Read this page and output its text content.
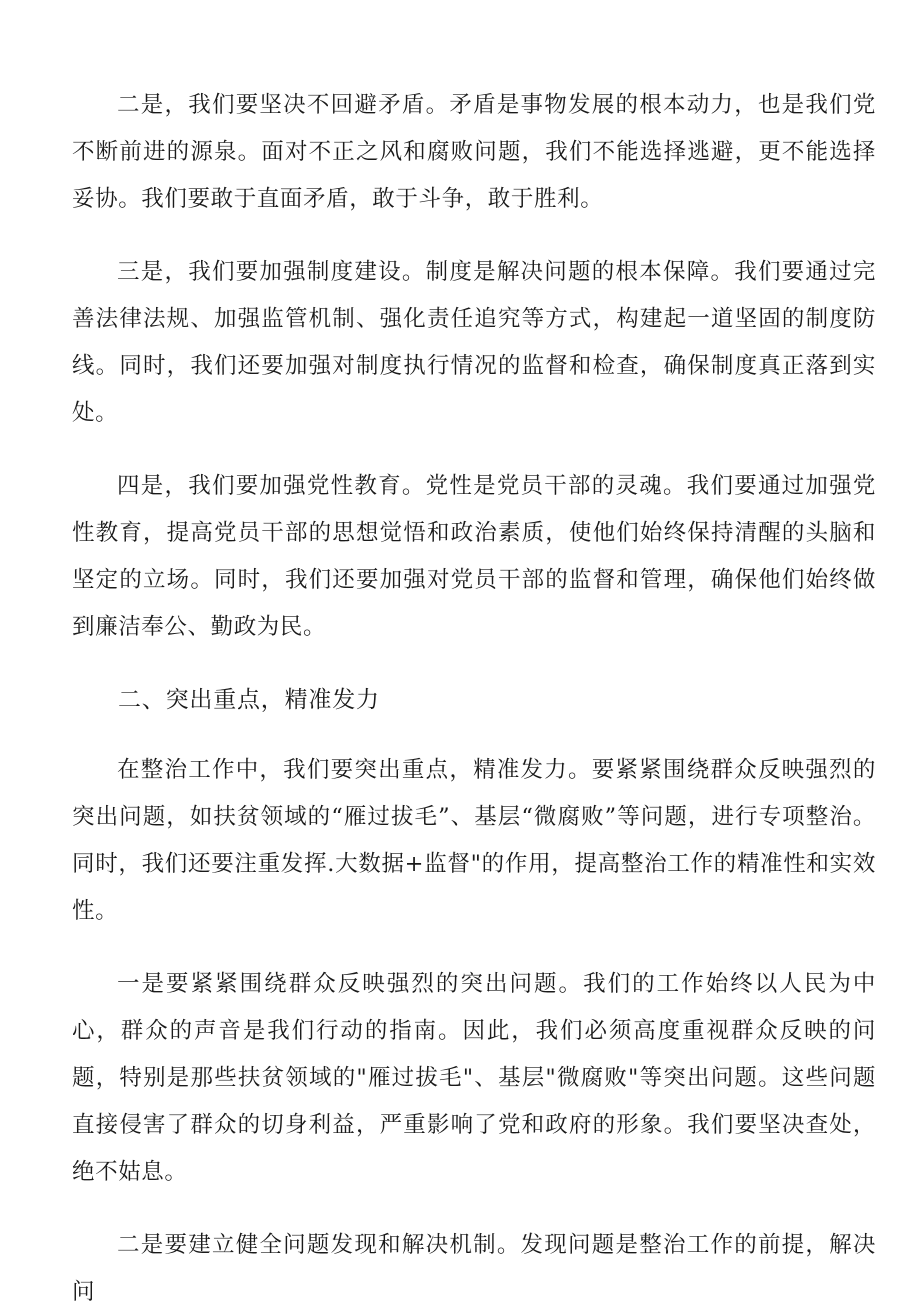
二是，我们要坚决不回避矛盾。矛盾是事物发展的根本动力，也是我们党不断前进的源泉。面对不正之风和腐败问题，我们不能选择逃避，更不能选择妥协。我们要敢于直面矛盾，敢于斗争，敢于胜利。

三是，我们要加强制度建设。制度是解决问题的根本保障。我们要通过完善法律法规、加强监管机制、强化责任追究等方式，构建起一道坚固的制度防线。同时，我们还要加强对制度执行情况的监督和检查，确保制度真正落到实处。

四是，我们要加强党性教育。党性是党员干部的灵魂。我们要通过加强党性教育，提高党员干部的思想觉悟和政治素质，使他们始终保持清醒的头脑和坚定的立场。同时，我们还要加强对党员干部的监督和管理，确保他们始终做到廉洁奉公、勤政为民。

二、突出重点，精准发力

在整治工作中，我们要突出重点，精准发力。要紧紧围绕群众反映强烈的突出问题，如扶贫领域的“雁过拔毛”、基层“微腐败”等问题，进行专项整治。同时，我们还要注重发挥.大数据+监督"的作用，提高整治工作的精准性和实效性。

一是要紧紧围绕群众反映强烈的突出问题。我们的工作始终以人民为中心，群众的声音是我们行动的指南。因此，我们必须高度重视群众反映的问题，特别是那些扶贫领域的"雁过拔毛"、基层"微腐败"等突出问题。这些问题直接侵害了群众的切身利益，严重影响了党和政府的形象。我们要坚决查处，绝不姑息。

二是要建立健全问题发现和解决机制。发现问题是整治工作的前提，解决问
